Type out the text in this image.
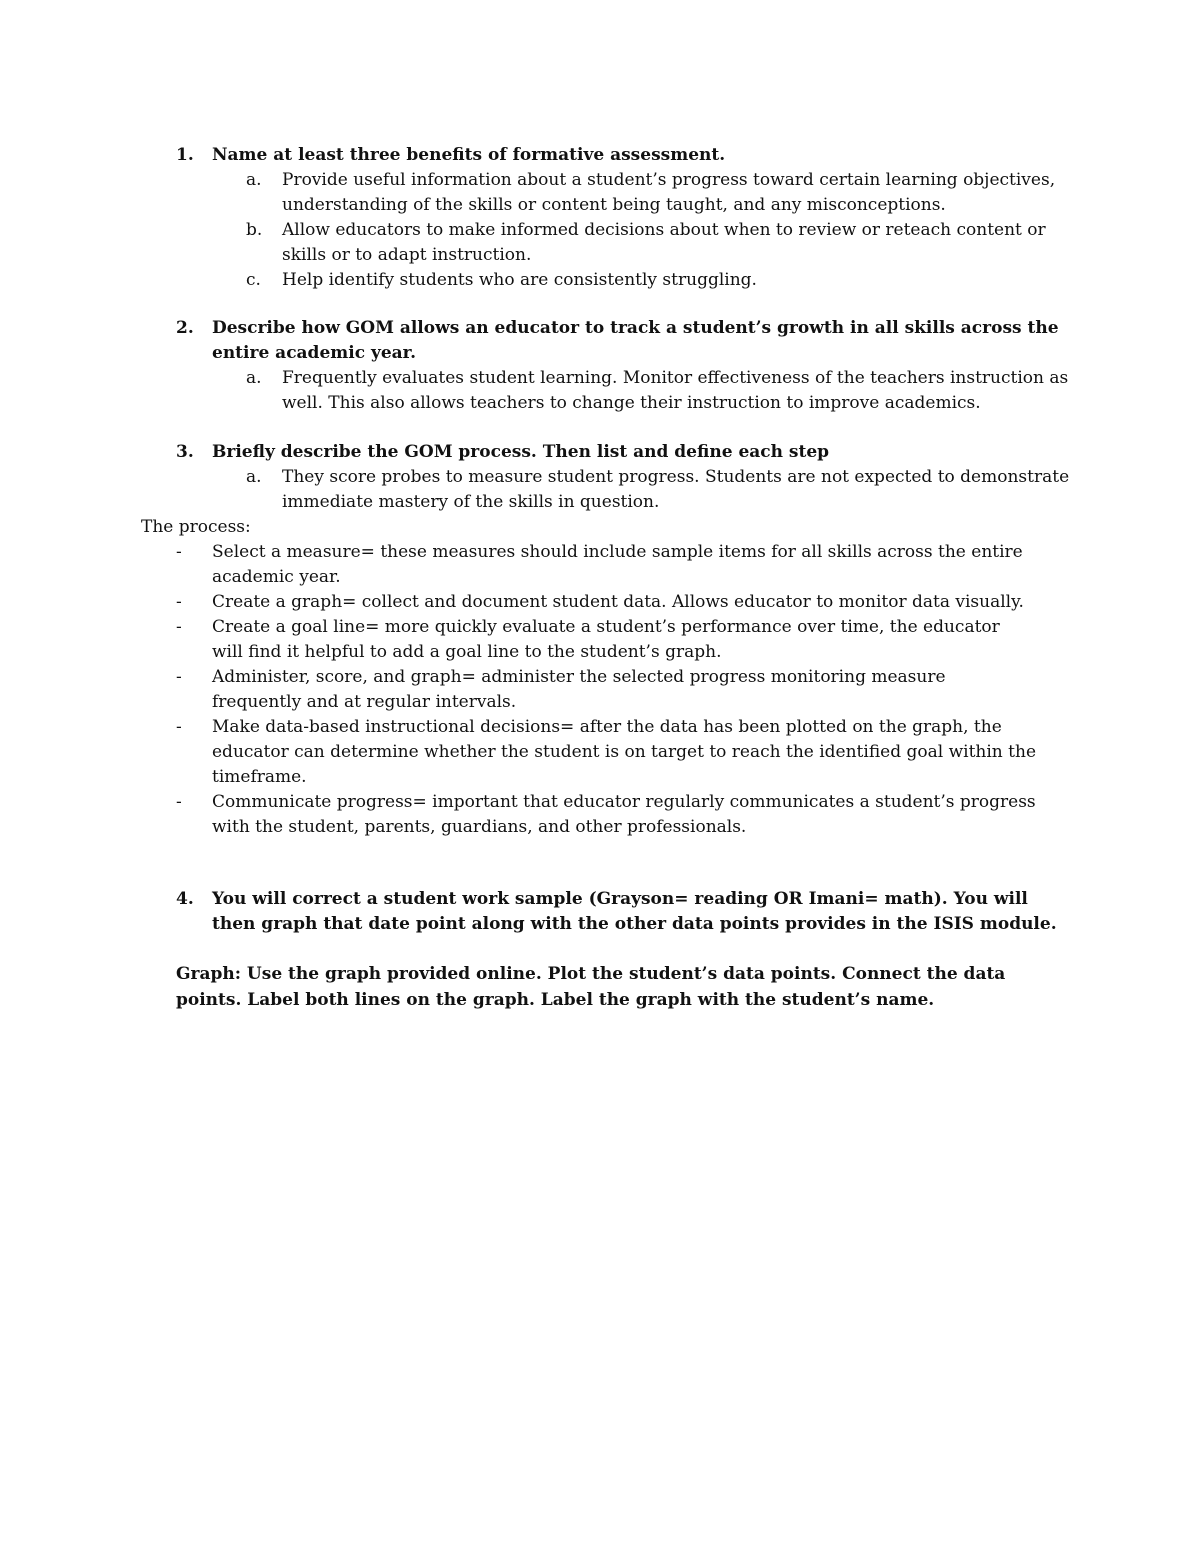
1. Name at least three benefits of formative assessment.
a. Provide useful information about a student’s progress toward certain learning objectives, understanding of the skills or content being taught, and any misconceptions.
b. Allow educators to make informed decisions about when to review or reteach content or skills or to adapt instruction.
c. Help identify students who are consistently struggling.
2. Describe how GOM allows an educator to track a student’s growth in all skills across the entire academic year.
a. Frequently evaluates student learning. Monitor effectiveness of the teachers instruction as well. This also allows teachers to change their instruction to improve academics.
3. Briefly describe the GOM process. Then list and define each step
a. They score probes to measure student progress. Students are not expected to demonstrate immediate mastery of the skills in question.
The process:
- Select a measure= these measures should include sample items for all skills across the entire academic year.
- Create a graph= collect and document student data. Allows educator to monitor data visually.
- Create a goal line= more quickly evaluate a student’s performance over time, the educator will find it helpful to add a goal line to the student’s graph.
- Administer, score, and graph= administer the selected progress monitoring measure frequently and at regular intervals.
- Make data-based instructional decisions= after the data has been plotted on the graph, the educator can determine whether the student is on target to reach the identified goal within the timeframe.
- Communicate progress= important that educator regularly communicates a student’s progress with the student, parents, guardians, and other professionals.
4. You will correct a student work sample (Grayson= reading OR Imani= math). You will then graph that date point along with the other data points provides in the ISIS module.
Graph: Use the graph provided online. Plot the student’s data points. Connect the data points. Label both lines on the graph. Label the graph with the student’s name.
